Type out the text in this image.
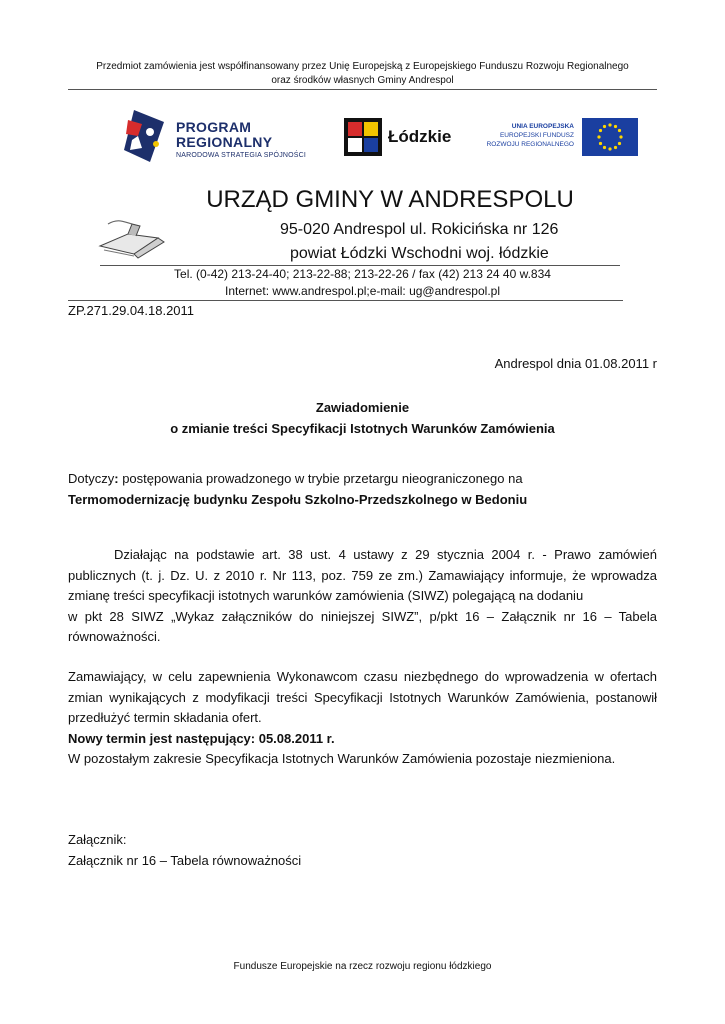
Przedmiot zamówienia jest współfinansowany przez Unię Europejską z Europejskiego Funduszu Rozwoju Regionalnego
oraz środków własnych Gminy Andrespol
PROGRAM
REGIONALNY
NARODOWA STRATEGIA SPÓJNOŚCI
Łódzkie
UNIA EUROPEJSKA
EUROPEJSKI FUNDUSZ
ROZWOJU REGIONALNEGO
URZĄD GMINY W ANDRESPOLU
95-020 Andrespol ul. Rokicińska nr 126
powiat Łódzki Wschodni woj. łódzkie
Tel. (0-42) 213-24-40; 213-22-88; 213-22-26 / fax (42) 213 24 40 w.834
Internet: www.andrespol.pl;e-mail: ug@andrespol.pl
ZP.271.29.04.18.2011
Andrespol dnia 01.08.2011 r
Zawiadomienie
o zmianie treści Specyfikacji Istotnych Warunków Zamówienia
Dotyczy: postępowania prowadzonego w trybie przetargu nieograniczonego na
Termomodernizację budynku Zespołu Szkolno-Przedszkolnego w Bedoniu
Działając na podstawie art. 38 ust. 4 ustawy z 29 stycznia 2004 r. - Prawo zamówień
publicznych (t. j. Dz. U. z 2010 r. Nr 113, poz. 759 ze zm.) Zamawiający informuje, że wprowadza
zmianę treści specyfikacji istotnych warunków zamówienia (SIWZ) polegającą na dodaniu
w pkt 28 SIWZ „Wykaz załączników do niniejszej SIWZ”, p/pkt 16 – Załącznik nr 16 – Tabela
równoważności.
Zamawiający, w celu zapewnienia Wykonawcom czasu niezbędnego do wprowadzenia w ofertach
zmian wynikających z modyfikacji treści Specyfikacji Istotnych Warunków Zamówienia, postanowił
przedłużyć termin składania ofert.
Nowy termin jest następujący: 05.08.2011 r.
W pozostałym zakresie Specyfikacja Istotnych Warunków Zamówienia pozostaje niezmieniona.
Załącznik:
Załącznik nr 16 – Tabela równoważności
Fundusze Europejskie na rzecz rozwoju regionu łódzkiego
